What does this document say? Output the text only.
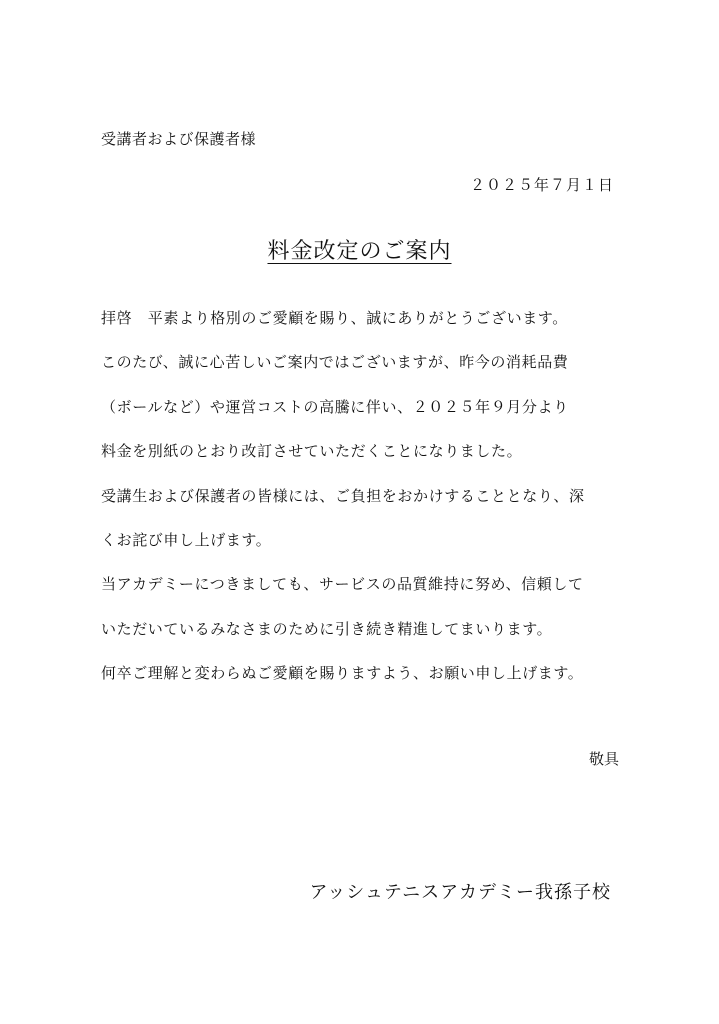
受講者および保護者様
２０２５年７月１日
料金改定のご案内
拝啓　平素より格別のご愛顧を賜り、誠にありがとうございます。
このたび、誠に心苦しいご案内ではございますが、昨今の消耗品費
（ボールなど）や運営コストの高騰に伴い、２０２５年９月分より
料金を別紙のとおり改訂させていただくことになりました。
受講生および保護者の皆様には、ご負担をおかけすることとなり、深
くお詫び申し上げます。
当アカデミーにつきましても、サービスの品質維持に努め、信頼して
いただいているみなさまのために引き続き精進してまいります。
何卒ご理解と変わらぬご愛顧を賜りますよう、お願い申し上げます。
敬具
アッシュテニスアカデミー我孫子校
